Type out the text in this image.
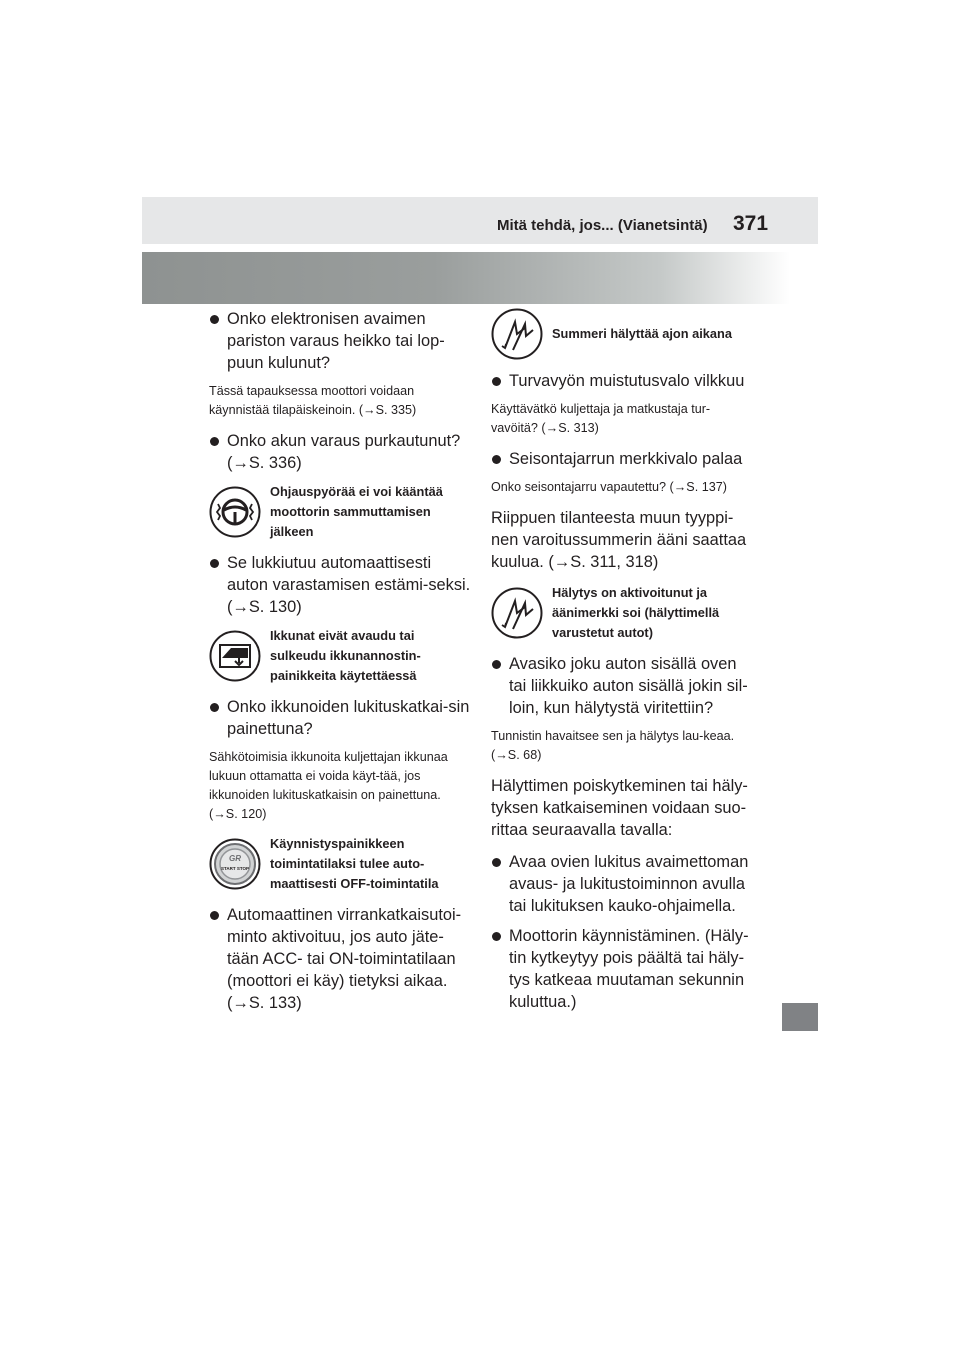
Mitä tehdä, jos... (Vianetsintä) 371
Onko elektronisen avaimen pariston varaus heikko tai lop-puun kulunut?
Tässä tapauksessa moottori voidaan käynnistää tilapäiskeinoin. (→S. 335)
Onko akun varaus purkautunut? (→S. 336)
Ohjauspyörää ei voi kääntää moottorin sammuttamisen jälkeen
Se lukkiutuu automaattisesti auton varastamisen estämi-seksi. (→S. 130)
Ikkunat eivät avaudu tai sulkeudu ikkunannostin-painikkeita käytettäessä
Onko ikkunoiden lukituskatkai-sin painettuna?
Sähkötoimisia ikkunoita kuljettajan ikkunaa lukuun ottamatta ei voida käyt-tää, jos ikkunoiden lukituskatkaisin on painettuna. (→S. 120)
GR
START STOP
Käynnistyspainikkeen toimintatilaksi tulee auto-maattisesti OFF-toimintatila
Automaattinen virrankatkaisutoi-minto aktivoituu, jos auto jäte-tään ACC- tai ON-toimintatilaan (moottori ei käy) tietyksi aikaa. (→S. 133)
Summeri hälyttää ajon aikana
Turvavyön muistutusvalo vilkkuu
Käyttävätkö kuljettaja ja matkustaja tur-vavöitä? (→S. 313)
Seisontajarrun merkkivalo palaa
Onko seisontajarru vapautettu? (→S. 137)
Riippuen tilanteesta muun tyyppi-nen varoitussummerin ääni saattaa kuulua. (→S. 311, 318)
Hälytys on aktivoitunut ja äänimerkki soi (hälyttimellä varustetut autot)
Avasiko joku auton sisällä oven tai liikkuiko auton sisällä jokin sil-loin, kun hälytystä viritettiin?
Tunnistin havaitsee sen ja hälytys lau-keaa. (→S. 68)
Hälyttimen poiskytkeminen tai häly-tyksen katkaiseminen voidaan suo-rittaa seuraavalla tavalla:
Avaa ovien lukitus avaimettoman avaus- ja lukitustoiminnon avulla tai lukituksen kauko-ohjaimella.
Moottorin käynnistäminen. (Häly-tin kytkeytyy pois päältä tai häly-tys katkeaa muutaman sekunnin kuluttua.)
